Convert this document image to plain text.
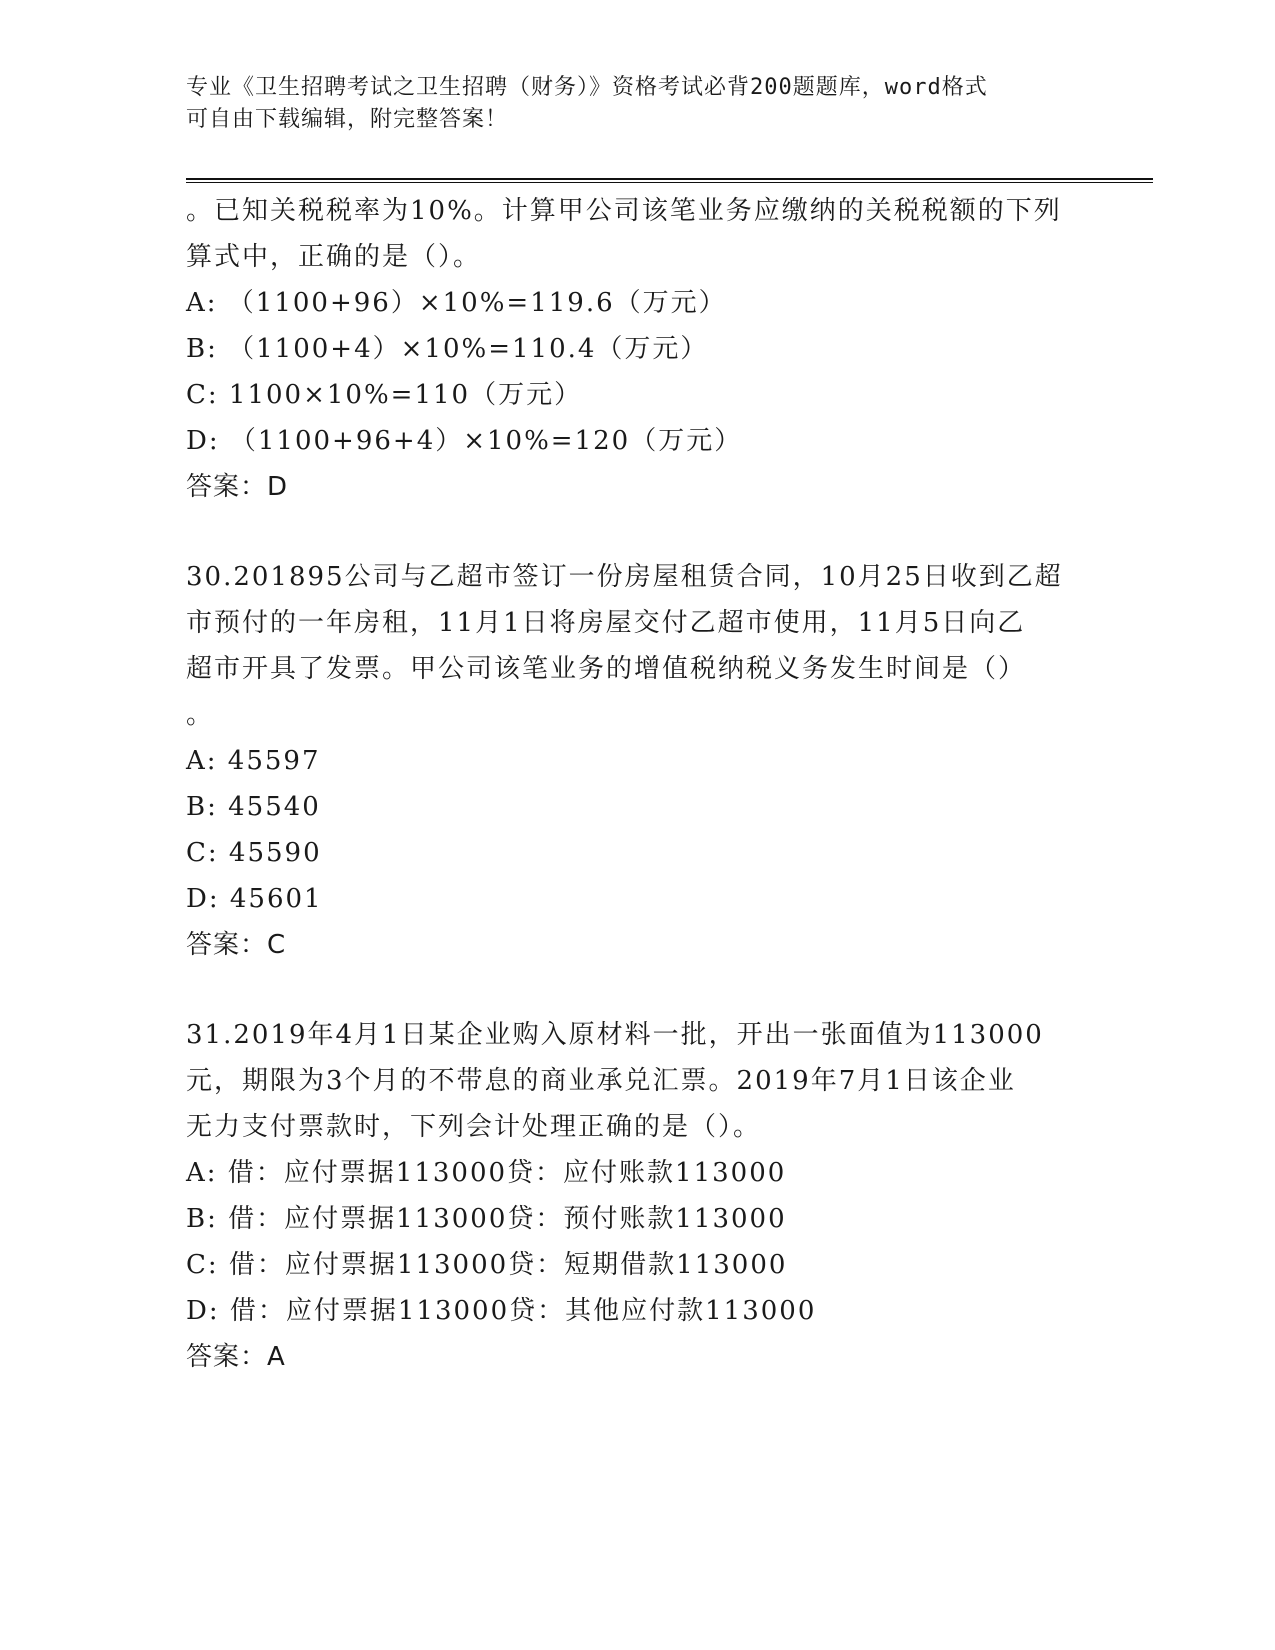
专业《卫生招聘考试之卫生招聘（财务）》资格考试必背200题题库，word格式
可自由下载编辑，附完整答案！
。已知关税税率为10%。计算甲公司该笔业务应缴纳的关税税额的下列
算式中，正确的是（）。
A: （1100+96）×10%=119.6（万元）
B: （1100+4）×10%=110.4（万元）
C: 1100×10%=110（万元）
D: （1100+96+4）×10%=120（万元）
答案：D
30.201895公司与乙超市签订一份房屋租赁合同，10月25日收到乙超
市预付的一年房租，11月1日将房屋交付乙超市使用，11月5日向乙
超市开具了发票。甲公司该笔业务的增值税纳税义务发生时间是（）
。
A: 45597
B: 45540
C: 45590
D: 45601
答案：C
31.2019年4月1日某企业购入原材料一批，开出一张面值为113000
元，期限为3个月的不带息的商业承兑汇票。2019年7月1日该企业
无力支付票款时，下列会计处理正确的是（）。
A: 借：应付票据113000贷：应付账款113000
B: 借：应付票据113000贷：预付账款113000
C: 借：应付票据113000贷：短期借款113000
D: 借：应付票据113000贷：其他应付款113000
答案：A
